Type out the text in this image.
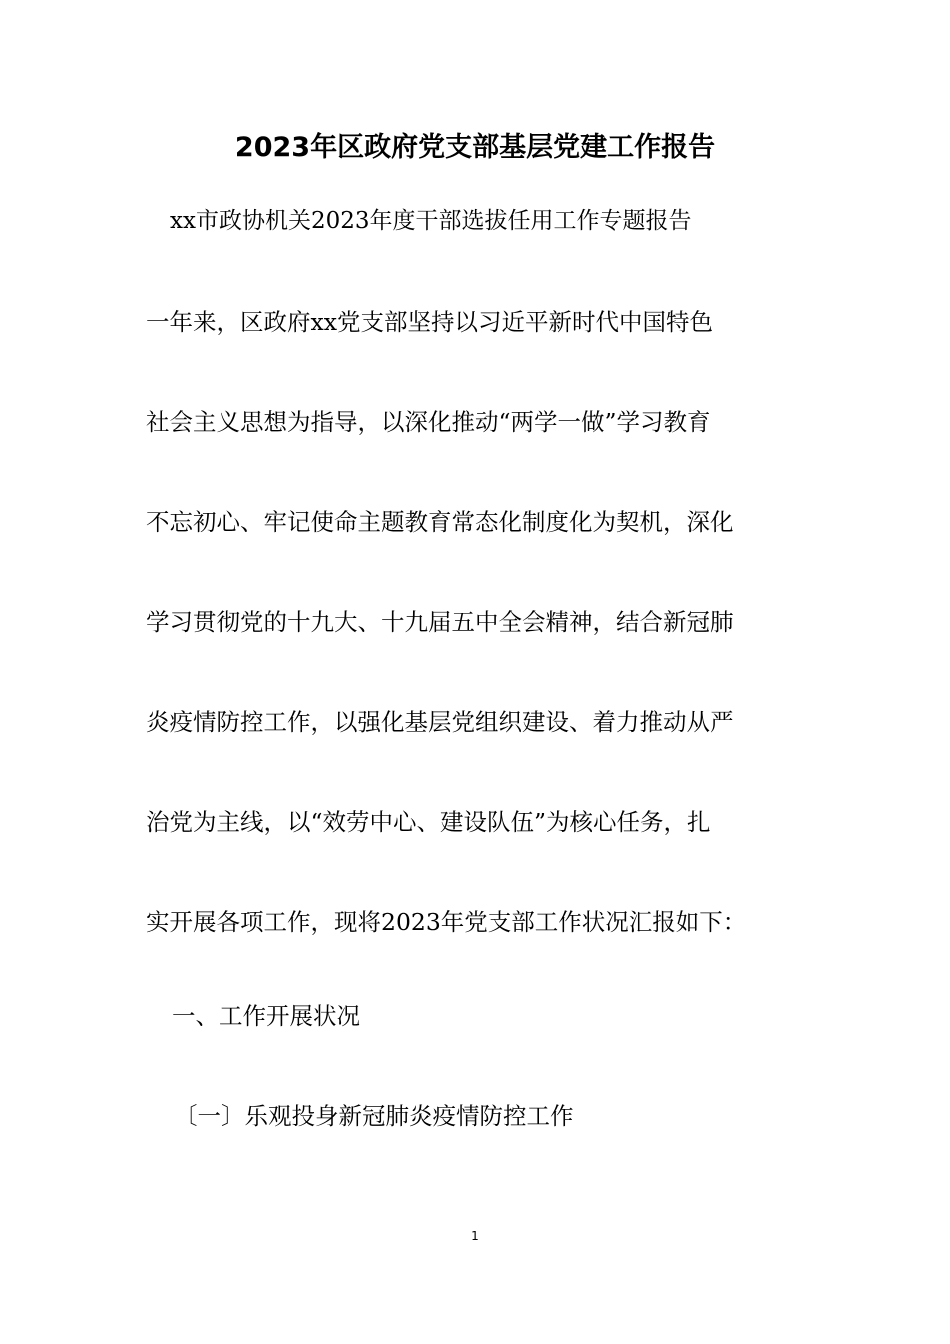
2023年区政府党支部基层党建工作报告
xx市政协机关2023年度干部选拔任用工作专题报告
一年来，区政府xx党支部坚持以习近平新时代中国特色
社会主义思想为指导，以深化推动“两学一做”学习教育
不忘初心、牢记使命主题教育常态化制度化为契机，深化
学习贯彻党的十九大、十九届五中全会精神，结合新冠肺
炎疫情防控工作，以强化基层党组织建设、着力推动从严
治党为主线，以“效劳中心、建设队伍”为核心任务，扎
实开展各项工作，现将2023年党支部工作状况汇报如下：
一、工作开展状况
〔一〕乐观投身新冠肺炎疫情防控工作
1
